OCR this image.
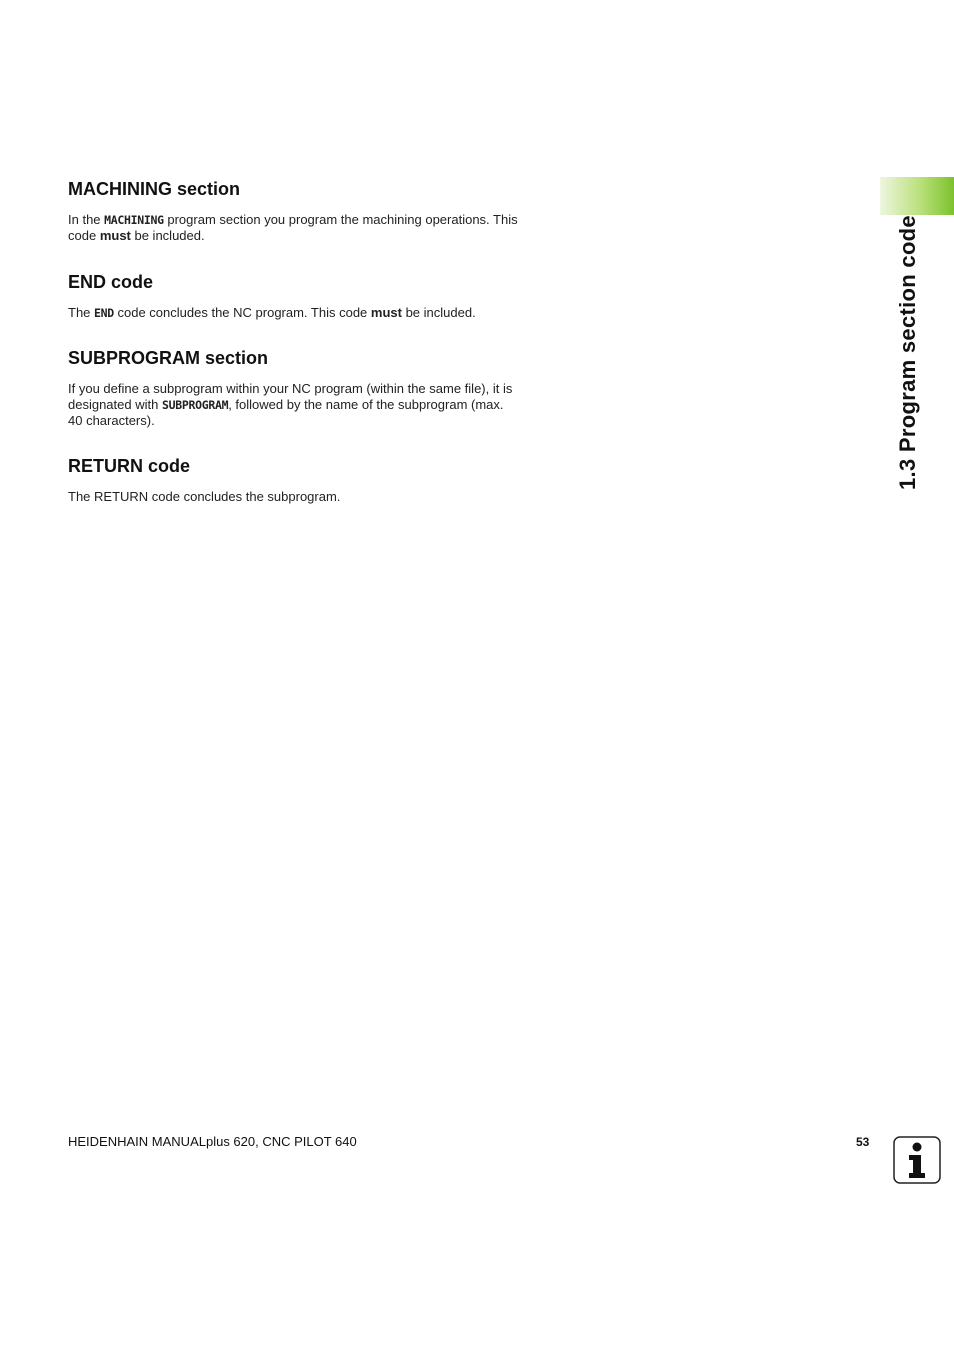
MACHINING section

In the MACHINING program section you program the machining operations. This code must be included.

END code

The END code concludes the NC program. This code must be included.

SUBPROGRAM section

If you define a subprogram within your NC program (within the same file), it is designated with SUBPROGRAM, followed by the name of the subprogram (max. 40 characters).

RETURN code

The RETURN code concludes the subprogram.

1.3 Program section code
HEIDENHAIN MANUALplus 620, CNC PILOT 640	53
